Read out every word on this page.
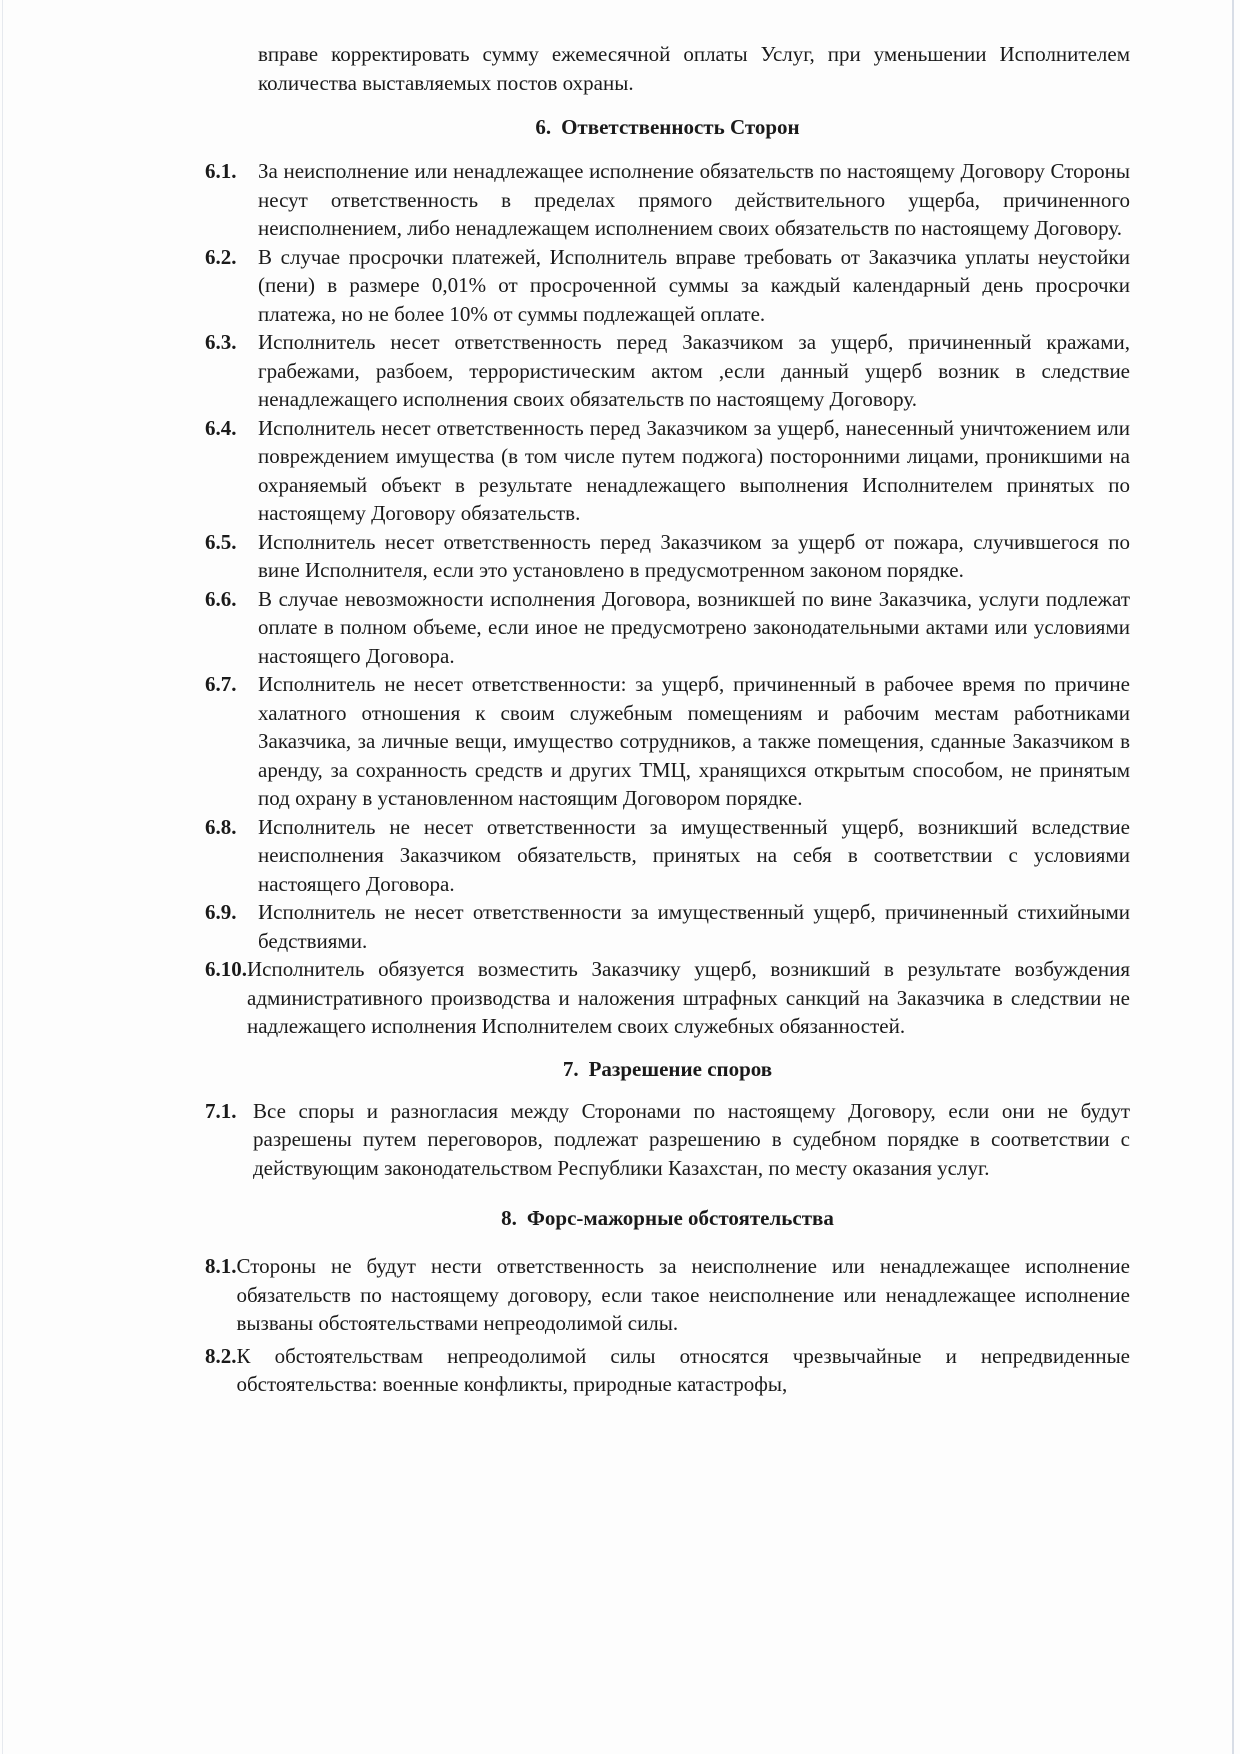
вправе корректировать сумму ежемесячной оплаты Услуг, при уменьшении Исполнителем количества выставляемых постов охраны.

6. Ответственность Сторон
6.1.	За неисполнение или ненадлежащее исполнение обязательств по настоящему Договору Стороны несут ответственность в пределах прямого действительного ущерба, причиненного неисполнением, либо ненадлежащем исполнением своих обязательств по настоящему Договору.
6.2.	В случае просрочки платежей, Исполнитель вправе требовать от Заказчика уплаты неустойки (пени) в размере 0,01% от просроченной суммы за каждый календарный день просрочки платежа, но не более 10% от суммы подлежащей оплате.
6.3.	Исполнитель несет ответственность перед Заказчиком за ущерб, причиненный кражами, грабежами, разбоем, террористическим актом ,если данный ущерб возник в следствие ненадлежащего исполнения своих обязательств по настоящему Договору.
6.4.	Исполнитель несет ответственность перед Заказчиком за ущерб, нанесенный уничтожением или повреждением имущества (в том числе путем поджога) посторонними лицами, проникшими на охраняемый объект в результате ненадлежащего выполнения Исполнителем принятых по настоящему Договору обязательств.
6.5.	Исполнитель несет ответственность перед Заказчиком за ущерб от пожара, случившегося по вине Исполнителя, если это установлено в предусмотренном законом порядке.
6.6.	В случае невозможности исполнения Договора, возникшей по вине Заказчика, услуги подлежат оплате в полном объеме, если иное не предусмотрено законодательными актами или условиями настоящего Договора.
6.7.	Исполнитель не несет ответственности: за ущерб, причиненный в рабочее время по причине халатного отношения к своим служебным помещениям и рабочим местам работниками Заказчика, за личные вещи, имущество сотрудников, а также помещения, сданные Заказчиком в аренду, за сохранность средств и других ТМЦ, хранящихся открытым способом, не принятым под охрану в установленном настоящим Договором порядке.
6.8.	Исполнитель не несет ответственности за имущественный ущерб, возникший вследствие неисполнения Заказчиком обязательств, принятых на себя в соответствии с условиями настоящего Договора.
6.9.	Исполнитель не несет ответственности за имущественный ущерб, причиненный стихийными бедствиями.
6.10. Исполнитель обязуется возместить Заказчику ущерб, возникший в результате возбуждения административного производства и наложения штрафных санкций на Заказчика в следствии не надлежащего исполнения Исполнителем своих служебных обязанностей.
7. Разрешение споров
7.1. Все споры и разногласия между Сторонами по настоящему Договору, если они не будут разрешены путем переговоров, подлежат разрешению в судебном порядке в соответствии с действующим законодательством Республики Казахстан, по месту оказания услуг.
8. Форс-мажорные обстоятельства
8.1. Стороны не будут нести ответственность за неисполнение или ненадлежащее исполнение обязательств по настоящему договору, если такое неисполнение или ненадлежащее исполнение вызваны обстоятельствами непреодолимой силы.
8.2. К обстоятельствам непреодолимой силы относятся чрезвычайные и непредвиденные обстоятельства: военные конфликты, природные катастрофы,
